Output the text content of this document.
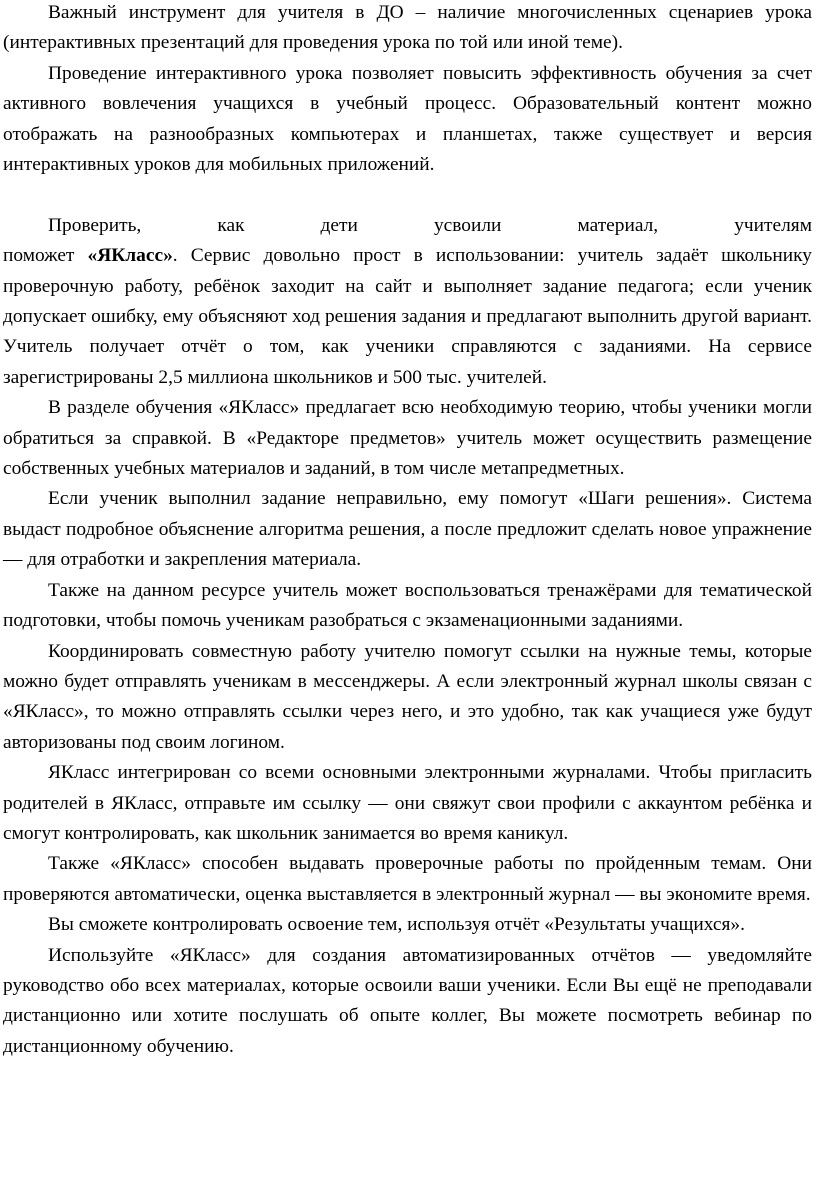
Важный инструмент для учителя в ДО – наличие многочисленных сценариев урока (интерактивных презентаций для проведения урока по той или иной теме).

Проведение интерактивного урока позволяет повысить эффективность обучения за счет активного вовлечения учащихся в учебный процесс. Образовательный контент можно отображать на разнообразных компьютерах и планшетах, также существует и версия интерактивных уроков для мобильных приложений.

Проверить, как дети усвоили материал, учителям

поможет «ЯКласс». Сервис довольно прост в использовании: учитель задаёт школьнику проверочную работу, ребёнок заходит на сайт и выполняет задание педагога; если ученик допускает ошибку, ему объясняют ход решения задания и предлагают выполнить другой вариант. Учитель получает отчёт о том, как ученики справляются с заданиями. На сервисе зарегистрированы 2,5 миллиона школьников и 500 тыс. учителей.

В разделе обучения «ЯКласс» предлагает всю необходимую теорию, чтобы ученики могли обратиться за справкой. В «Редакторе предметов» учитель может осуществить размещение собственных учебных материалов и заданий, в том числе метапредметных.

Если ученик выполнил задание неправильно, ему помогут «Шаги решения». Система выдаст подробное объяснение алгоритма решения, а после предложит сделать новое упражнение — для отработки и закрепления материала.

Также на данном ресурсе учитель может воспользоваться тренажёрами для тематической подготовки, чтобы помочь ученикам разобраться с экзаменационными заданиями.

Координировать совместную работу учителю помогут ссылки на нужные темы, которые можно будет отправлять ученикам в мессенджеры. А если электронный журнал школы связан с «ЯКласс», то можно отправлять ссылки через него, и это удобно, так как учащиеся уже будут авторизованы под своим логином.

ЯКласс интегрирован со всеми основными электронными журналами. Чтобы пригласить родителей в ЯКласс, отправьте им ссылку — они свяжут свои профили с аккаунтом ребёнка и смогут контролировать, как школьник занимается во время каникул.

Также «ЯКласс» способен выдавать проверочные работы по пройденным темам. Они проверяются автоматически, оценка выставляется в электронный журнал — вы экономите время.

Вы сможете контролировать освоение тем, используя отчёт «Результаты учащихся».

Используйте «ЯКласс» для создания автоматизированных отчётов — уведомляйте руководство обо всех материалах, которые освоили ваши ученики. Если Вы ещё не преподавали дистанционно или хотите послушать об опыте коллег, Вы можете посмотреть вебинар по дистанционному обучению.
